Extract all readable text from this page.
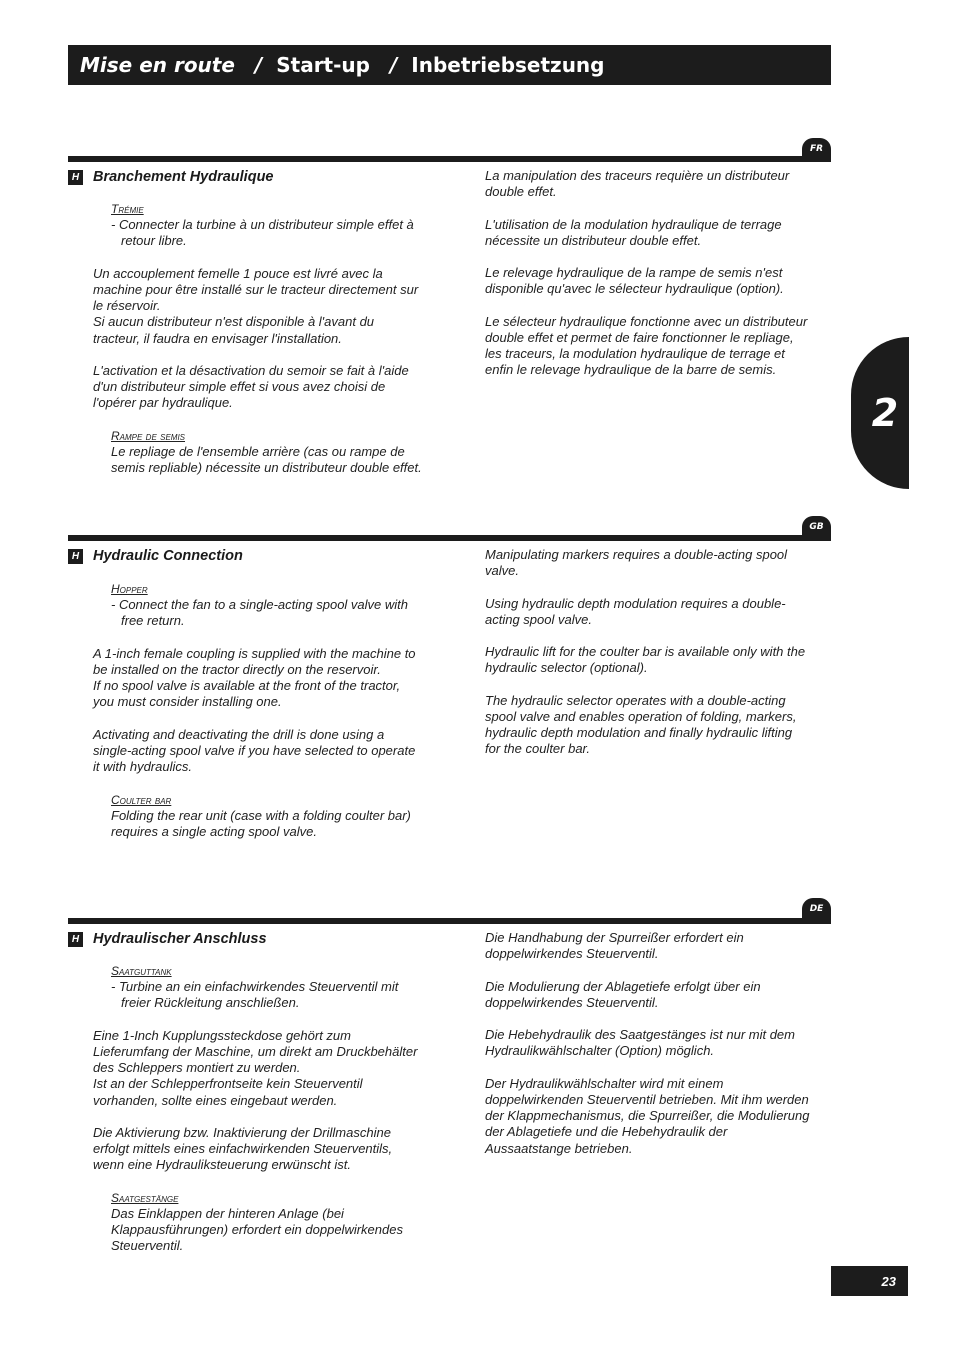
Mise en route / Start-up / Inbetriebsetzung
2
FR
H Branchement Hydraulique
Trémie
- Connecter la turbine à un distributeur simple effet à retour libre.

Un accouplement femelle 1 pouce est livré avec la machine pour être installé sur le tracteur directement sur le réservoir.

Si aucun distributeur n'est disponible à l'avant du tracteur, il faudra en envisager l'installation.

L'activation et la désactivation du semoir se fait à l'aide d'un distributeur simple effet si vous avez choisi de l'opérer par hydraulique.

Rampe de semis
Le repliage de l'ensemble arrière (cas ou rampe de semis repliable) nécessite un distributeur double effet.

La manipulation des traceurs requière un distributeur double effet.

L'utilisation de la modulation hydraulique de terrage nécessite un distributeur double effet.

Le relevage hydraulique de la rampe de semis n'est disponible qu'avec le sélecteur hydraulique (option).

Le sélecteur hydraulique fonctionne avec un distributeur double effet et permet de faire fonctionner le repliage, les traceurs, la modulation hydraulique de terrage et enfin le relevage hydraulique de la barre de semis.

GB
H Hydraulic Connection
Hopper
- Connect the fan to a single-acting spool valve with free return.

A 1-inch female coupling is supplied with the machine to be installed on the tractor directly on the reservoir.

If no spool valve is available at the front of the tractor, you must consider installing one.

Activating and deactivating the drill is done using a single-acting spool valve if you have selected to operate it with hydraulics.

Coulter bar
Folding the rear unit (case with a folding coulter bar) requires a single acting spool valve.

Manipulating markers requires a double-acting spool valve.

Using hydraulic depth modulation requires a double-acting spool valve.

Hydraulic lift for the coulter bar is available only with the hydraulic selector (optional).

The hydraulic selector operates with a double-acting spool valve and enables operation of folding, markers, hydraulic depth modulation and finally hydraulic lifting for the coulter bar.

DE
H Hydraulischer Anschluss
Saatguttank
- Turbine an ein einfachwirkendes Steuerventil mit freier Rückleitung anschließen.

Eine 1-Inch Kupplungssteckdose gehört zum Lieferumfang der Maschine, um direkt am Druckbehälter des Schleppers montiert zu werden.

Ist an der Schlepperfrontseite kein Steuerventil vorhanden, sollte eines eingebaut werden.

Die Aktivierung bzw. Inaktivierung der Drillmaschine erfolgt mittels eines einfachwirkenden Steuerventils, wenn eine Hydrauliksteuerung erwünscht ist.

Saatgestänge
Das Einklappen der hinteren Anlage (bei Klappausführungen) erfordert ein doppelwirkendes Steuerventil.

Die Handhabung der Spurreißer erfordert ein doppelwirkendes Steuerventil.

Die Modulierung der Ablagetiefe erfolgt über ein doppelwirkendes Steuerventil.

Die Hebehydraulik des Saatgestänges ist nur mit dem Hydraulikwählschalter (Option) möglich.

Der Hydraulikwählschalter wird mit einem doppelwirkenden Steuerventil betrieben. Mit ihm werden der Klappmechanismus, die Spurreißer, die Modulierung der Ablagetiefe und die Hebehydraulik der Aussaatstange betrieben.

23
